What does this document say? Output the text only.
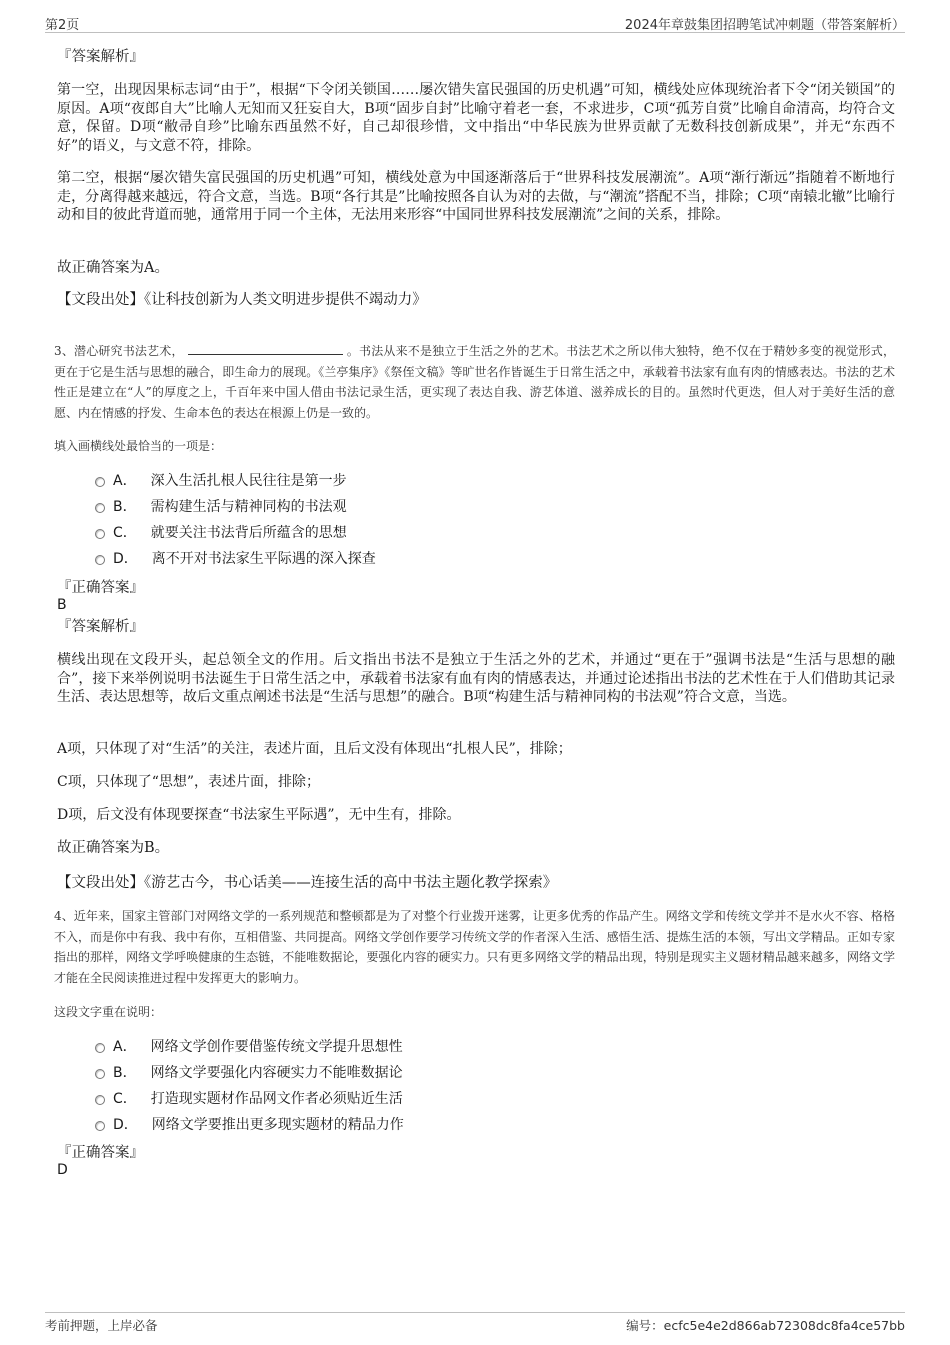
第2页	2024年章鼓集团招聘笔试冲刺题（带答案解析）
『答案解析』

第一空，出现因果标志词“由于”，根据“下令闭关锁国……屡次错失富民强国的历史机遇”可知，横线处应体现统治者下令“闭关锁国”的原因。A项“夜郎自大”比喻人无知而又狂妄自大，B项“固步自封”比喻守着老一套，不求进步，C项“孤芳自赏”比喻自命清高，均符合文意，保留。D项“敝帚自珍”比喻东西虽然不好，自己却很珍惜，文中指出“中华民族为世界贡献了无数科技创新成果”，并无“东西不好”的语义，与文意不符，排除。

第二空，根据“屡次错失富民强国的历史机遇”可知，横线处意为中国逐渐落后于“世界科技发展潮流”。A项“渐行渐远”指随着不断地行走，分离得越来越远，符合文意，当选。B项“各行其是”比喻按照各自认为对的去做，与“潮流”搭配不当，排除；C项“南辕北辙”比喻行动和目的彼此背道而驰，通常用于同一个主体，无法用来形容“中国同世界科技发展潮流”之间的关系，排除。

故正确答案为A。
【文段出处】《让科技创新为人类文明进步提供不竭动力》

3、潜心研究书法艺术，	。书法从来不是独立于生活之外的艺术。书法艺术之所以伟大独特，绝不仅在于精妙多变的视觉形式，更在于它是生活与思想的融合，即生命力的展现。《兰亭集序》《祭侄文稿》等旷世名作皆诞生于日常生活之中，承载着书法家有血有肉的情感表达。书法的艺术性正是建立在“人”的厚度之上，千百年来中国人借由书法记录生活，更实现了表达自我、游艺体道、滋养成长的目的。虽然时代更迭，但人对于美好生活的意愿、内在情感的抒发、生命本色的表达在根源上仍是一致的。

填入画横线处最恰当的一项是：
A． 深入生活扎根人民往往是第一步
B． 需构建生活与精神同构的书法观
C． 就要关注书法背后所蕴含的思想
D． 离不开对书法家生平际遇的深入探查
『正确答案』
B
『答案解析』

横线出现在文段开头，起总领全文的作用。后文指出书法不是独立于生活之外的艺术，并通过“更在于”强调书法是“生活与思想的融合”，接下来举例说明书法诞生于日常生活之中，承载着书法家有血有肉的情感表达，并通过论述指出书法的艺术性在于人们借助其记录生活、表达思想等，故后文重点阐述书法是“生活与思想”的融合。B项“构建生活与精神同构的书法观”符合文意，当选。

A项，只体现了对“生活”的关注，表述片面，且后文没有体现出“扎根人民”，排除；

C项，只体现了“思想”，表述片面，排除；

D项，后文没有体现要探查“书法家生平际遇”，无中生有，排除。

故正确答案为B。
【文段出处】《游艺古今，书心话美——连接生活的高中书法主题化教学探索》

4、近年来，国家主管部门对网络文学的一系列规范和整顿都是为了对整个行业拨开迷雾，让更多优秀的作品产生。网络文学和传统文学并不是水火不容、格格不入，而是你中有我、我中有你，互相借鉴、共同提高。网络文学创作要学习传统文学的作者深入生活、感悟生活、提炼生活的本领，写出文学精品。正如专家指出的那样，网络文学呼唤健康的生态链，不能唯数据论，要强化内容的硬实力。只有更多网络文学的精品出现，特别是现实主义题材精品越来越多，网络文学才能在全民阅读推进过程中发挥更大的影响力。

这段文字重在说明：
A． 网络文学创作要借鉴传统文学提升思想性
B． 网络文学要强化内容硬实力不能唯数据论
C． 打造现实题材作品网文作者必须贴近生活
D． 网络文学要推出更多现实题材的精品力作
『正确答案』
D
考前押题，上岸必备	编号：ecfc5e4e2d866ab72308dc8fa4ce57bb
